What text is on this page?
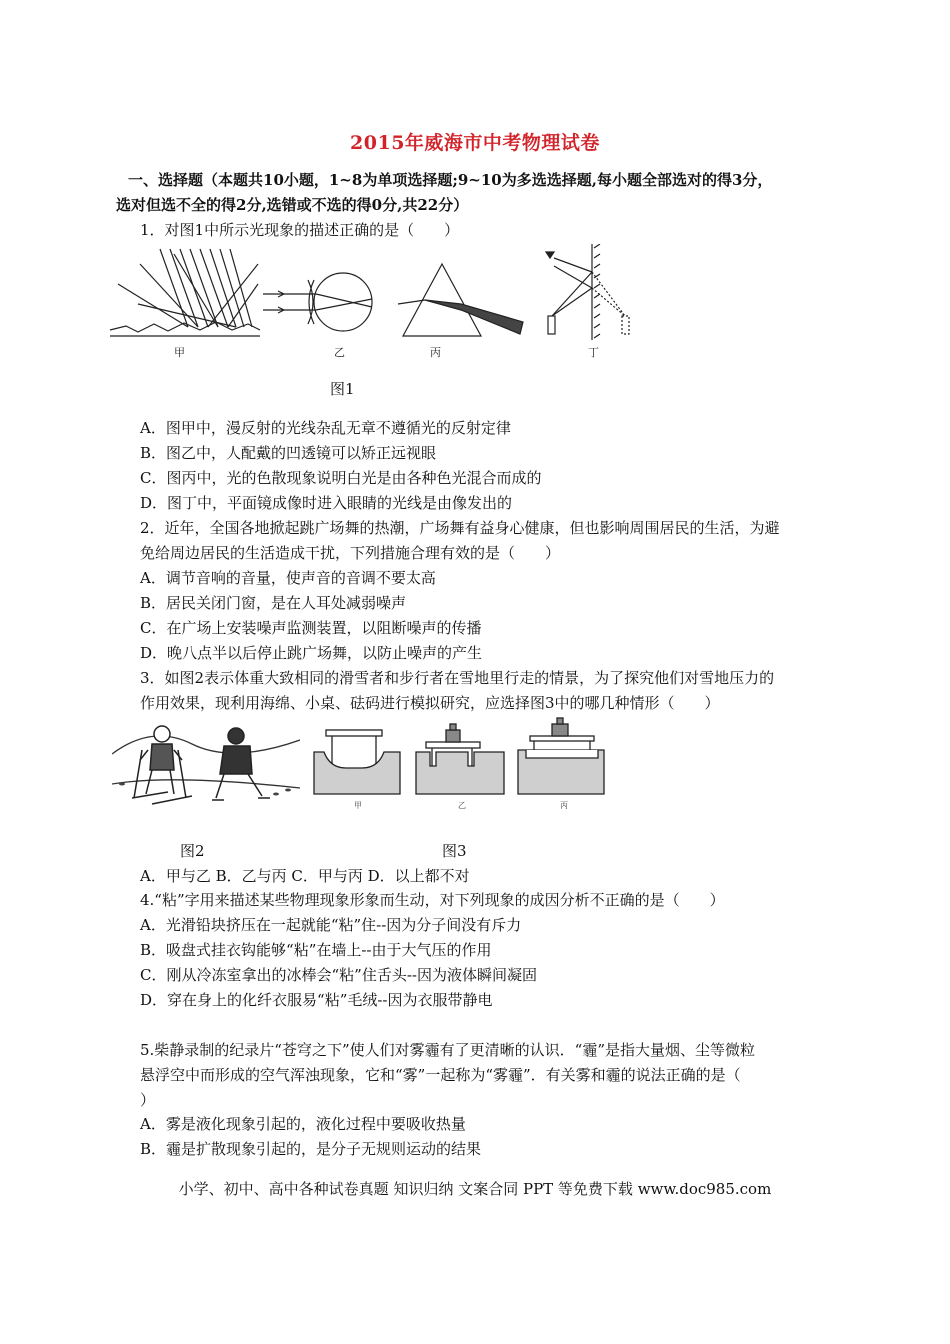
2015年威海市中考物理试卷
一、选择题（本题共10小题，1~8为单项选择题;9~10为多选选择题,每小题全部选对的得3分，
选对但选不全的得2分,选错或不选的得0分,共22分）
1．对图1中所示光现象的描述正确的是（　　）
甲	乙	丙	丁
图1
A．图甲中，漫反射的光线杂乱无章不遵循光的反射定律
B．图乙中，人配戴的凹透镜可以矫正远视眼
C．图丙中，光的色散现象说明白光是由各种色光混合而成的
D．图丁中，平面镜成像时进入眼睛的光线是由像发出的
2．近年，全国各地掀起跳广场舞的热潮，广场舞有益身心健康，但也影响周围居民的生活，为避
免给周边居民的生活造成干扰，下列措施合理有效的是（　　）
A．调节音响的音量，使声音的音调不要太高
B．居民关闭门窗，是在人耳处减弱噪声
C．在广场上安装噪声监测装置，以阻断噪声的传播
D．晚八点半以后停止跳广场舞，以防止噪声的产生
3．如图2表示体重大致相同的滑雪者和步行者在雪地里行走的情景，为了探究他们对雪地压力的
作用效果，现利用海绵、小桌、砝码进行模拟研究，应选择图3中的哪几种情形（　　）
甲	乙	丙
图2	图3
A．甲与乙 B．乙与丙 C．甲与丙 D．以上都不对
4.“粘”字用来描述某些物理现象形象而生动，对下列现象的成因分析不正确的是（　　）
A．光滑铅块挤压在一起就能“粘”住--因为分子间没有斥力
B．吸盘式挂衣钩能够“粘”在墙上--由于大气压的作用
C．刚从冷冻室拿出的冰棒会“粘”住舌头--因为液体瞬间凝固
D．穿在身上的化纤衣服易“粘”毛绒--因为衣服带静电
5.柴静录制的纪录片“苍穹之下”使人们对雾霾有了更清晰的认识．“霾”是指大量烟、尘等微粒
悬浮空中而形成的空气浑浊现象，它和“雾”一起称为“雾霾”．有关雾和霾的说法正确的是（
）
A．雾是液化现象引起的，液化过程中要吸收热量
B．霾是扩散现象引起的，是分子无规则运动的结果
小学、初中、高中各种试卷真题 知识归纳 文案合同 PPT 等免费下载 www.doc985.com
